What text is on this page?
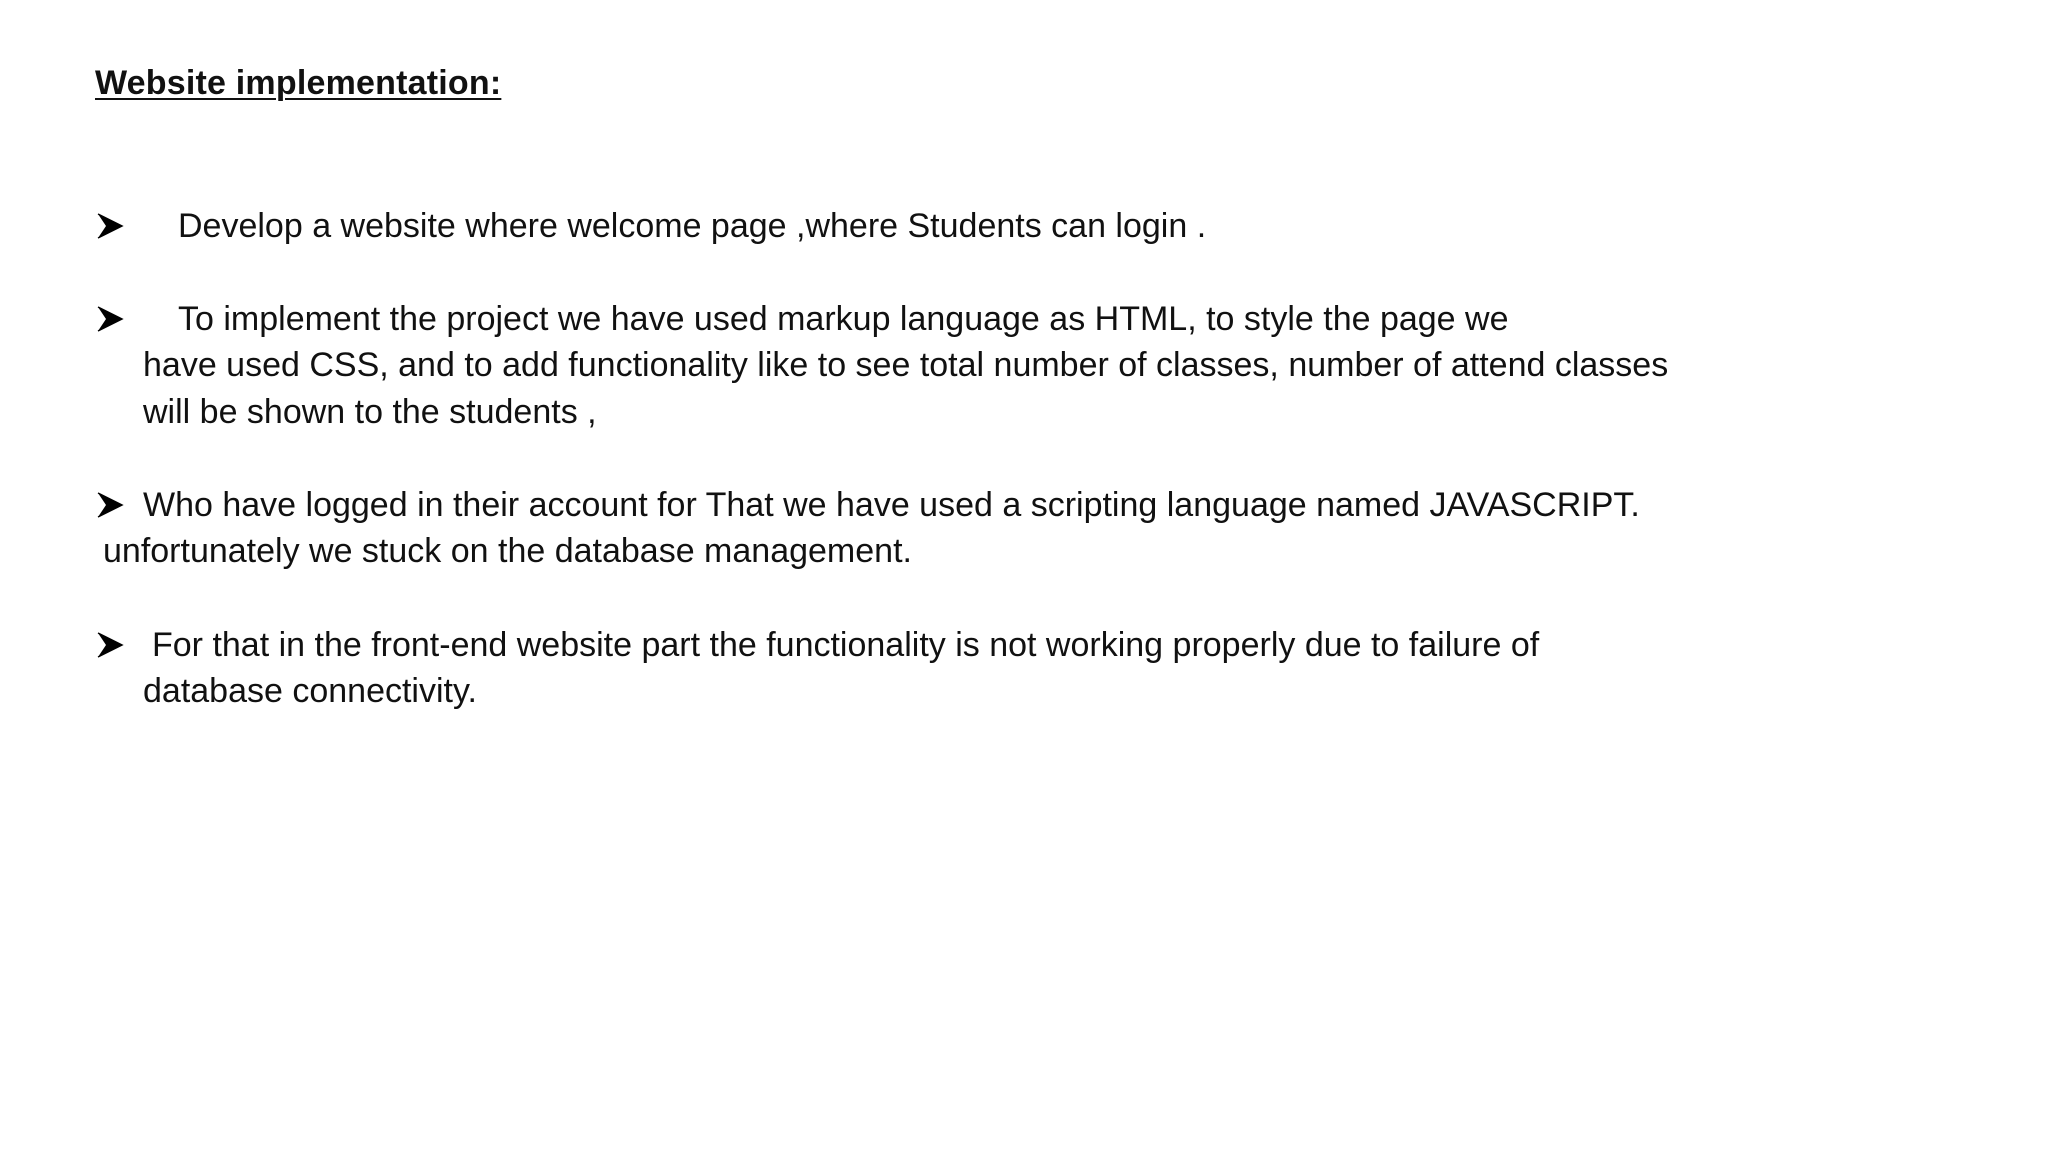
Website implementation:
Develop a website where welcome page ,where Students can login .
To implement the project we have used markup language as HTML, to style the page we
have used CSS, and to add functionality like to see total number of classes, number of attend classes
will be shown to the students ,
Who have logged in their account for That we have used a scripting language named JAVASCRIPT.
unfortunately we stuck on the database management.
For that in the front-end website part the functionality is not working properly due to failure of
database connectivity.
